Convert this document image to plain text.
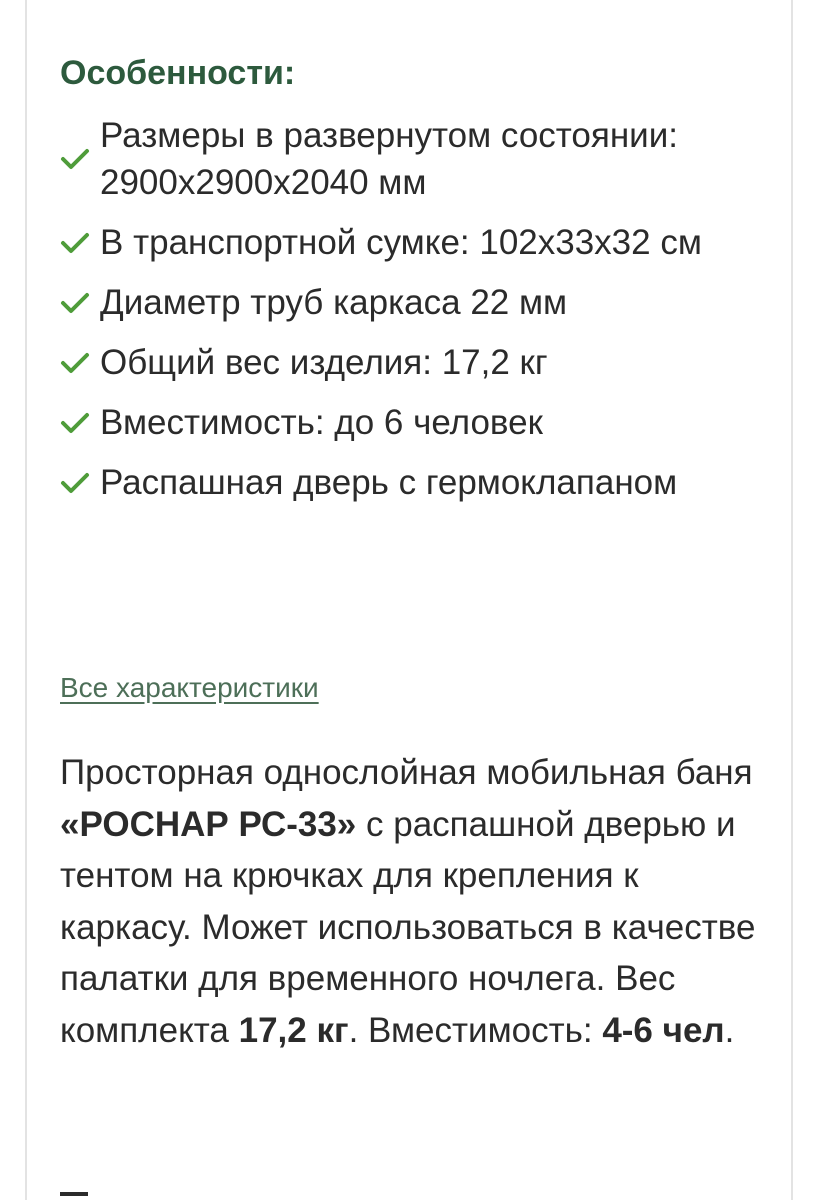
Особенности:
Размеры в развернутом состоянии: 2900х2900х2040 мм
В транспортной сумке: 102х33х32 см
Диаметр труб каркаса 22 мм
Общий вес изделия: 17,2 кг
Вместимость: до 6 человек
Распашная дверь с гермоклапаном
Все характеристики

Просторная однослойная мобильная баня «РОСНАР РС-33» с распашной дверью и тентом на крючках для крепления к каркасу. Может использоваться в качестве палатки для временного ночлега. Вес комплекта 17,2 кг. Вместимость: 4-6 чел.
